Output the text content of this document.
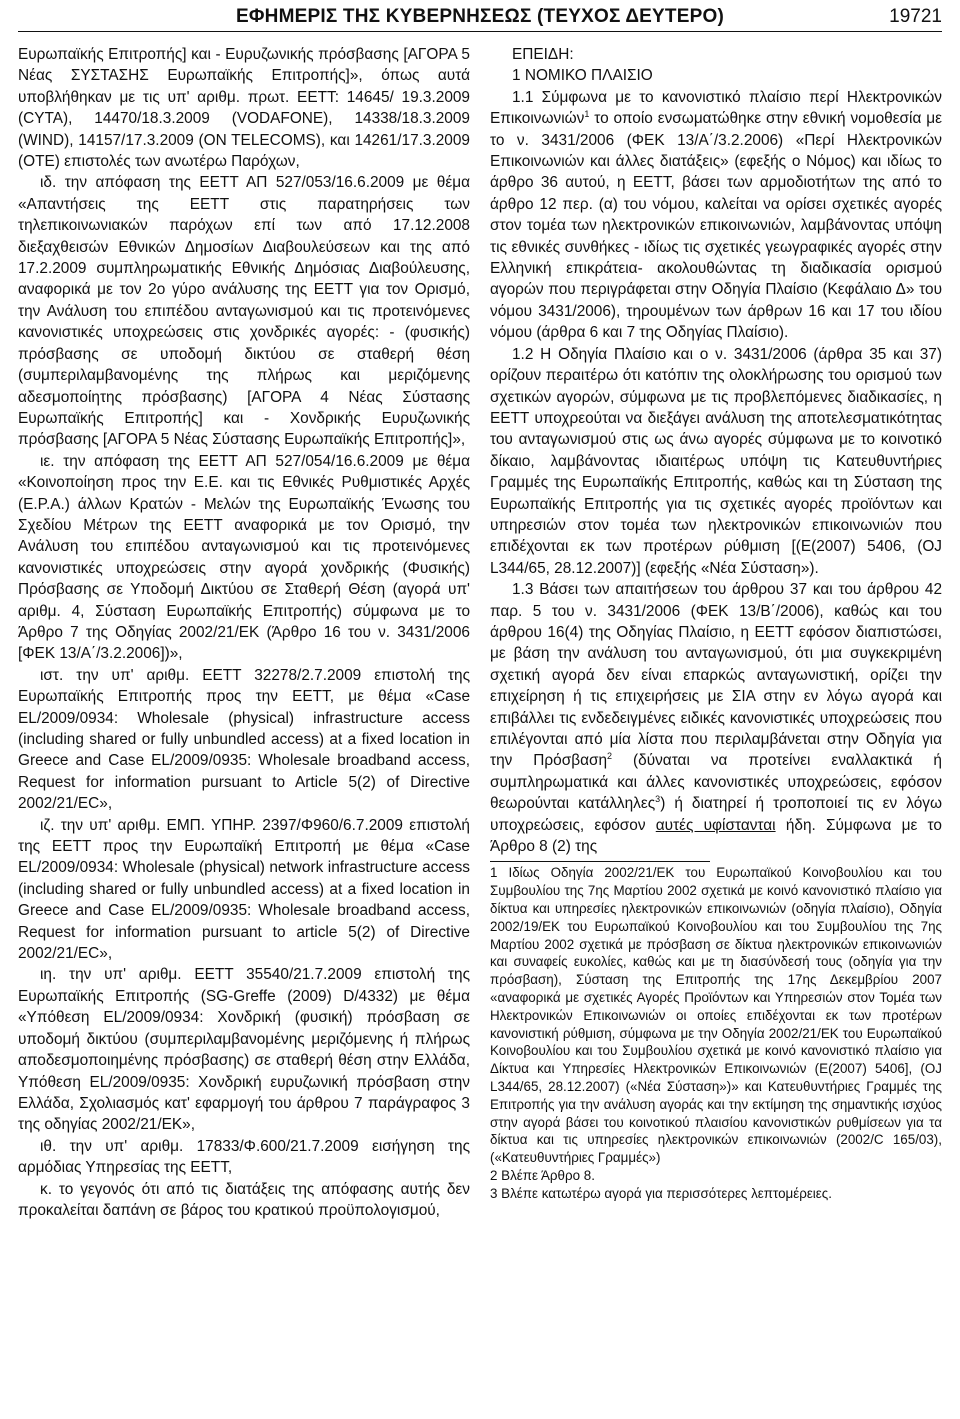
ΕΦΗΜΕΡΙΣ ΤΗΣ ΚΥΒΕΡΝΗΣΕΩΣ (ΤΕΥΧΟΣ ΔΕΥΤΕΡΟ)	19721

Ευρωπαϊκής Επιτροπής] και - Ευρυζωνικής πρόσβασης [ΑΓΟΡΑ 5 Νέας ΣΥΣΤΑΣΗΣ Ευρωπαϊκής Επιτροπής]», όπως αυτά υποβλήθηκαν με τις υπ' αριθμ. πρωτ. ΕΕΤΤ: 14645/ 19.3.2009 (CYTA), 14470/18.3.2009 (VODAFONE), 14338/18.3.2009 (WIND), 14157/17.3.2009 (ON TELECOMS), και 14261/17.3.2009 (ΟΤΕ) επιστολές των ανωτέρω Παρόχων,

ιδ. την απόφαση της ΕΕΤΤ ΑΠ 527/053/16.6.2009 με θέμα «Απαντήσεις της ΕΕΤΤ στις παρατηρήσεις των τηλεπικοινωνιακών παρόχων επί των από 17.12.2008 διεξαχθεισών Εθνικών Δημοσίων Διαβουλεύσεων και της από 17.2.2009 συμπληρωματικής Εθνικής Δημόσιας Διαβούλευσης, αναφορικά με τον 2ο γύρο ανάλυσης της ΕΕΤΤ για τον Ορισμό, την Ανάλυση του επιπέδου ανταγωνισμού και τις προτεινόμενες κανονιστικές υποχρεώσεις στις χονδρικές αγορές: - (φυσικής) πρόσβασης σε υποδομή δικτύου σε σταθερή θέση (συμπεριλαμβανομένης της πλήρως και μεριζόμενης αδεσμοποίητης πρόσβασης) [ΑΓΟΡΑ 4 Νέας Σύστασης Ευρωπαϊκής Επιτροπής] και - Χονδρικής Ευρυζωνικής πρόσβασης [ΑΓΟΡΑ 5 Νέας Σύστασης Ευρωπαϊκής Επιτροπής]»,

ιε. την απόφαση της ΕΕΤΤ ΑΠ 527/054/16.6.2009 με θέμα «Κοινοποίηση προς την Ε.Ε. και τις Εθνικές Ρυθμιστικές Αρχές (Ε.Ρ.Α.) άλλων Κρατών - Μελών της Ευρωπαϊκής Ένωσης του Σχεδίου Μέτρων της ΕΕΤΤ αναφορικά με τον Ορισμό, την Ανάλυση του επιπέδου ανταγωνισμού και τις προτεινόμενες κανονιστικές υποχρεώσεις στην αγορά χονδρικής (Φυσικής) Πρόσβασης σε Υποδομή Δικτύου σε Σταθερή Θέση (αγορά υπ' αριθμ. 4, Σύσταση Ευρωπαϊκής Επιτροπής) σύμφωνα με το Άρθρο 7 της Οδηγίας 2002/21/ΕΚ (Άρθρο 16 του ν. 3431/2006 [ΦΕΚ 13/Α΄/3.2.2006])»,

ιστ. την υπ' αριθμ. ΕΕΤΤ 32278/2.7.2009 επιστολή της Ευρωπαϊκής Επιτροπής προς την ΕΕΤΤ, με θέμα «Case EL/2009/0934: Wholesale (physical) infrastructure access (including shared or fully unbundled access) at a fixed location in Greece and Case EL/2009/0935: Wholesale broadband access, Request for information pursuant to Article 5(2) of Directive 2002/21/EC»,

ιζ. την υπ' αριθμ. ΕΜΠ. ΥΠΗΡ. 2397/Φ960/6.7.2009 επιστολή της ΕΕΤΤ προς την Ευρωπαϊκή Επιτροπή με θέμα «Case EL/2009/0934: Wholesale (physical) network infrastructure access (including shared or fully unbundled access) at a fixed location in Greece and Case EL/2009/0935: Wholesale broadband access, Request for information pursuant to article 5(2) of Directive 2002/21/EC»,

ιη. την υπ' αριθμ. ΕΕΤΤ 35540/21.7.2009 επιστολή της Ευρωπαϊκής Επιτροπής (SG-Greffe (2009) D/4332) με θέμα «Υπόθεση EL/2009/0934: Χονδρική (φυσική) πρόσβαση σε υποδομή δικτύου (συμπεριλαμβανομένης μεριζόμενης ή πλήρως αποδεσμοποιημένης πρόσβασης) σε σταθερή θέση στην Ελλάδα, Υπόθεση EL/2009/0935: Χονδρική ευρυζωνική πρόσβαση στην Ελλάδα, Σχολιασμός κατ' εφαρμογή του άρθρου 7 παράγραφος 3 της οδηγίας 2002/21/ΕΚ»,

ιθ. την υπ' αριθμ. 17833/Φ.600/21.7.2009 εισήγηση της αρμόδιας Υπηρεσίας της ΕΕΤΤ,

κ. το γεγονός ότι από τις διατάξεις της απόφασης αυτής δεν προκαλείται δαπάνη σε βάρος του κρατικού προϋπολογισμού,

ΕΠΕΙΔΗ:

1 ΝΟΜΙΚΟ ΠΛΑΙΣΙΟ

1.1 Σύμφωνα με το κανονιστικό πλαίσιο περί Ηλεκτρονικών Επικοινωνιών$^1$ το οποίο ενσωματώθηκε στην εθνική νομοθεσία με το ν. 3431/2006 (ΦΕΚ 13/Α΄/3.2.2006) «Περί Ηλεκτρονικών Επικοινωνιών και άλλες διατάξεις» (εφεξής ο Νόμος) και ιδίως το άρθρο 36 αυτού, η ΕΕΤΤ, βάσει των αρμοδιοτήτων της από το άρθρο 12 περ. (α) του νόμου, καλείται να ορίσει σχετικές αγορές στον τομέα των ηλεκτρονικών επικοινωνιών, λαμβάνοντας υπόψη τις εθνικές συνθήκες - ιδίως τις σχετικές γεωγραφικές αγορές στην Ελληνική επικράτεια- ακολουθώντας τη διαδικασία ορισμού αγορών που περιγράφεται στην Οδηγία Πλαίσιο (Κεφάλαιο Δ» του νόμου 3431/2006), τηρουμένων των άρθρων 16 και 17 του ιδίου νόμου (άρθρα 6 και 7 της Οδηγίας Πλαίσιο).

1.2 Η Οδηγία Πλαίσιο και ο ν. 3431/2006 (άρθρα 35 και 37) ορίζουν περαιτέρω ότι κατόπιν της ολοκλήρωσης του ορισμού των σχετικών αγορών, σύμφωνα με τις προβλεπόμενες διαδικασίες, η ΕΕΤΤ υποχρεούται να διεξάγει ανάλυση της αποτελεσματικότητας του ανταγωνισμού στις ως άνω αγορές σύμφωνα με το κοινοτικό δίκαιο, λαμβάνοντας ιδιαιτέρως υπόψη τις Κατευθυντήριες Γραμμές της Ευρωπαϊκής Επιτροπής, καθώς και τη Σύσταση της Ευρωπαϊκής Επιτροπής για τις σχετικές αγορές προϊόντων και υπηρεσιών στον τομέα των ηλεκτρονικών επικοινωνιών που επιδέχονται εκ των προτέρων ρύθμιση [(Ε(2007) 5406, (OJ L344/65, 28.12.2007)] (εφεξής «Νέα Σύσταση»).

1.3 Βάσει των απαιτήσεων του άρθρου 37 και του άρθρου 42 παρ. 5 του ν. 3431/2006 (ΦΕΚ 13/Β΄/2006), καθώς και του άρθρου 16(4) της Οδηγίας Πλαίσιο, η ΕΕΤΤ εφόσον διαπιστώσει, με βάση την ανάλυση του ανταγωνισμού, ότι μια συγκεκριμένη σχετική αγορά δεν είναι επαρκώς ανταγωνιστική, ορίζει την επιχείρηση ή τις επιχειρήσεις με ΣΙΑ στην εν λόγω αγορά και επιβάλλει τις ενδεδειγμένες ειδικές κανονιστικές υποχρεώσεις που επιλέγονται από μία λίστα που περιλαμβάνεται στην Οδηγία για την Πρόσβαση$^2$ (δύναται να προτείνει εναλλακτικά ή συμπληρωματικά και άλλες κανονιστικές υποχρεώσεις, εφόσον θεωρούνται κατάλληλες$^3$) ή διατηρεί ή τροποποιεί τις εν λόγω υποχρεώσεις, εφόσον αυτές υφίστανται ήδη. Σύμφωνα με το Άρθρο 8 (2) της

1 Ιδίως Οδηγία 2002/21/ΕΚ του Ευρωπαϊκού Κοινοβουλίου και του Συμβουλίου της 7ης Μαρτίου 2002 σχετικά με κοινό κανονιστικό πλαίσιο για δίκτυα και υπηρεσίες ηλεκτρονικών επικοινωνιών (οδηγία πλαίσιο), Οδηγία 2002/19/ΕΚ του Ευρωπαϊκού Κοινοβουλίου και του Συμβουλίου της 7ης Μαρτίου 2002 σχετικά με πρόσβαση σε δίκτυα ηλεκτρονικών επικοινωνιών και συναφείς ευκολίες, καθώς και με τη διασύνδεσή τους (οδηγία για την πρόσβαση), Σύσταση της Επιτροπής της 17ης Δεκεμβρίου 2007 «αναφορικά με σχετικές Αγορές Προϊόντων και Υπηρεσιών στον Τομέα των Ηλεκτρονικών Επικοινωνιών οι οποίες επιδέχονται εκ των προτέρων κανονιστική ρύθμιση, σύμφωνα με την Οδηγία 2002/21/ΕΚ του Ευρωπαϊκού Κοινοβουλίου και του Συμβουλίου σχετικά με κοινό κανονιστικό πλαίσιο για Δίκτυα και Υπηρεσίες Ηλεκτρονικών Επικοινωνιών (Ε(2007) 5406], (OJ L344/65, 28.12.2007) («Νέα Σύσταση»)» και Κατευθυντήριες Γραμμές της Επιτροπής για την ανάλυση αγοράς και την εκτίμηση της σημαντικής ισχύος στην αγορά βάσει του κοινοτικού πλαισίου κανονιστικών ρυθμίσεων για τα δίκτυα και τις υπηρεσίες ηλεκτρονικών επικοινωνιών (2002/C 165/03), («Κατευθυντήριες Γραμμές»)

2 Βλέπε Άρθρο 8.

3 Βλέπε κατωτέρω αγορά για περισσότερες λεπτομέρειες.
